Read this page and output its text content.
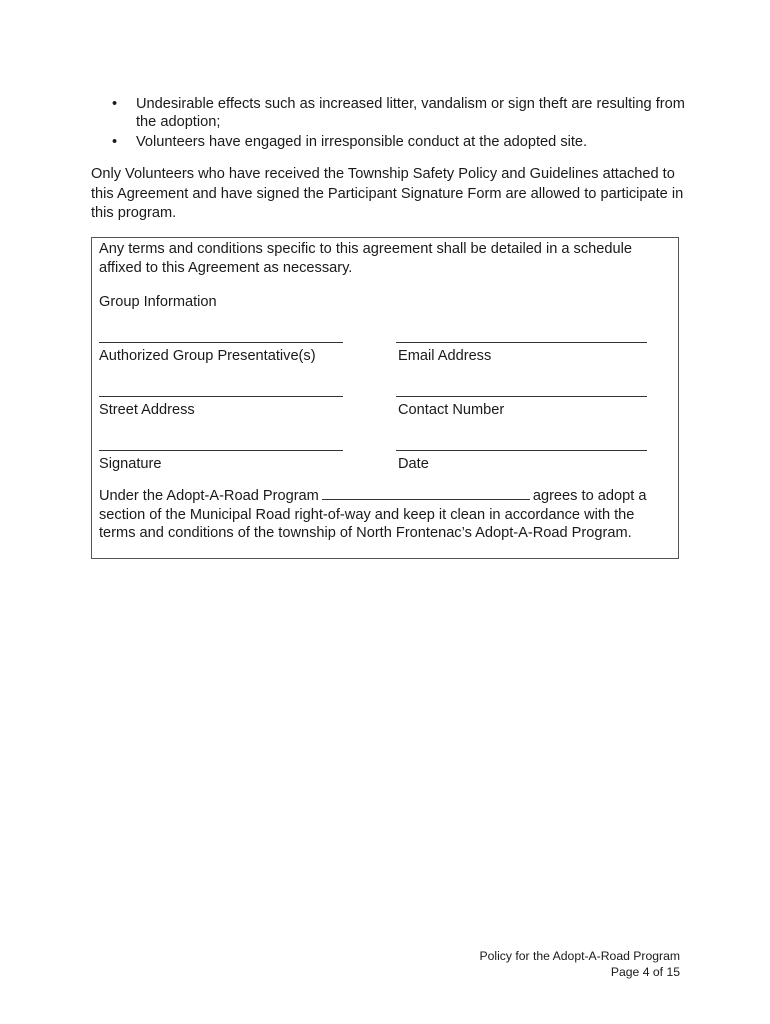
•	Undesirable effects such as increased litter, vandalism or sign theft are resulting from the adoption;
•	Volunteers have engaged in irresponsible conduct at the adopted site.

Only Volunteers who have received the Township Safety Policy and Guidelines attached to this Agreement and have signed the Participant Signature Form are allowed to participate in this program.

Any terms and conditions specific to this agreement shall be detailed in a schedule affixed to this Agreement as necessary.

Group Information

Authorized Group Presentative(s)	Email Address
Street Address	Contact Number
Signature	Date

Under the Adopt-A-Road Program	agrees to adopt a section of the Municipal Road right-of-way and keep it clean in accordance with the terms and conditions of the township of North Frontenac’s Adopt-A-Road Program.

Policy for the Adopt-A-Road Program
Page 4 of 15
